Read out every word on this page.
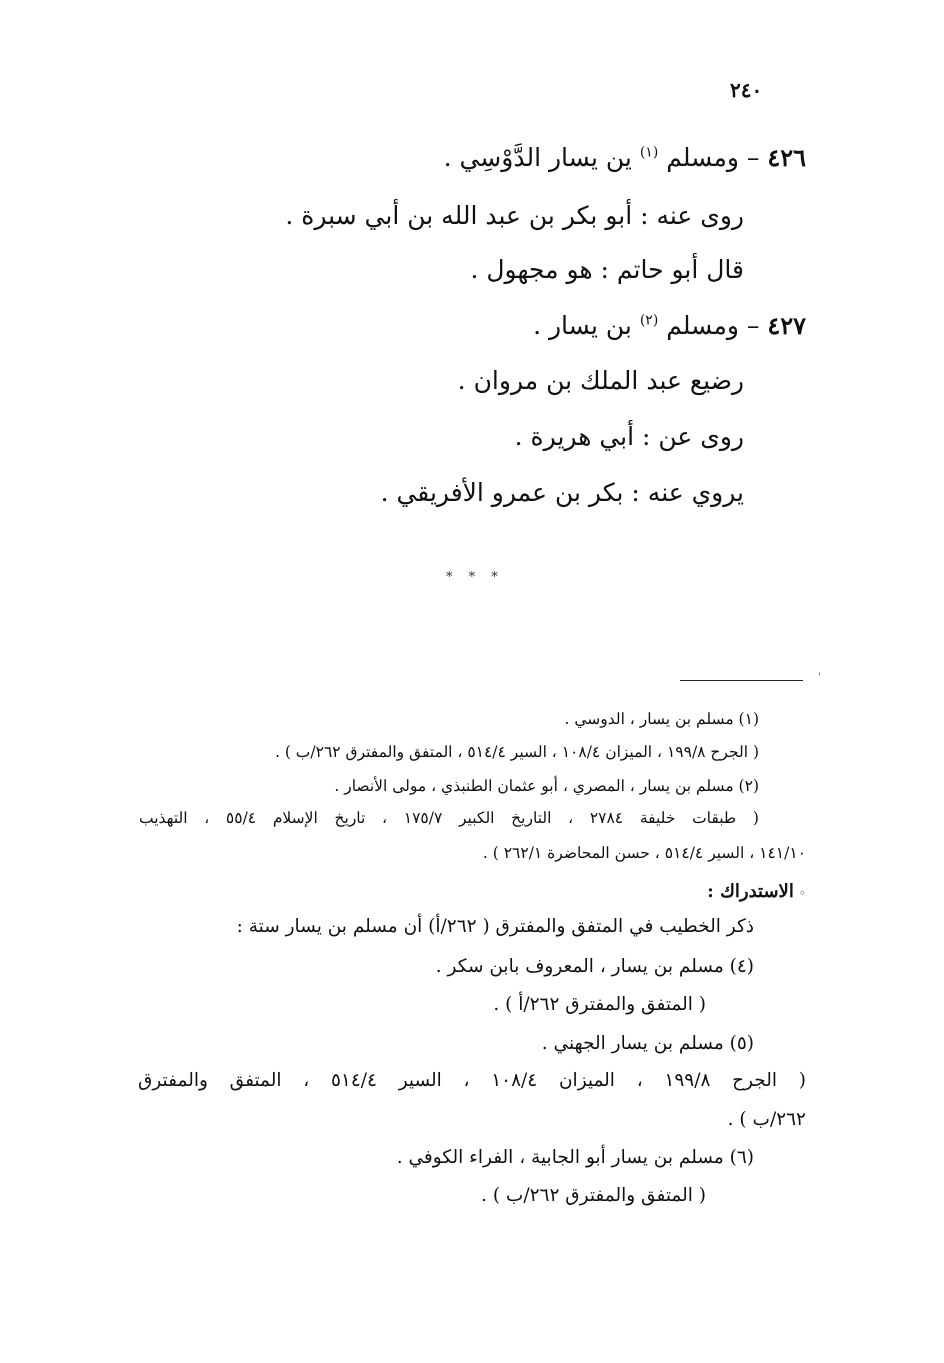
٢٤٠
٤٢٦ – ومسلم $^{(١)}$ ين يسار الدَّوْسِي .
روى عنه : أبو بكر بن عبد الله بن أبي سبرة .
قال أبو حاتم : هو مجهول .
٤٢٧ – ومسلم $^{(٢)}$ بن يسار .
رضيع عبد الملك بن مروان .
روى عن : أبي هريرة .
يروي عنه : بكر بن عمرو الأفريقي .
* * *
'
(١) مسلم بن يسار ، الدوسي .
( الجرح ١٩٩/٨ ، الميزان ١٠٨/٤ ، السير ٥١٤/٤ ، المتفق والمفترق ٢٦٢/ب ) .
(٢) مسلم بن يسار ، المصري ، أبو عثمان الطنبذي ، مولى الأنصار .
( طبقات خليفة ٢٧٨٤ ، التاريخ الكبير ١٧٥/٧ ، تاريخ الإسلام ٥٥/٤ ، التهذيب
١٤١/١٠ ، السير ٥١٤/٤ ، حسن المحاضرة ٢٦٢/١ ) .
◦ الاستدراك :
ذكر الخطيب في المتفق والمفترق ( ٢٦٢/أ) أن مسلم بن يسار ستة :
(٤) مسلم بن يسار ، المعروف بابن سكر .
( المتفق والمفترق ٢٦٢/أ ) .
(٥) مسلم بن يسار الجهني .
( الجرح ١٩٩/٨ ، الميزان ١٠٨/٤ ، السير ٥١٤/٤ ، المتفق والمفترق
٢٦٢/ب ) .
(٦) مسلم بن يسار أبو الجابية ، الفراء الكوفي .
( المتفق والمفترق ٢٦٢/ب ) .
